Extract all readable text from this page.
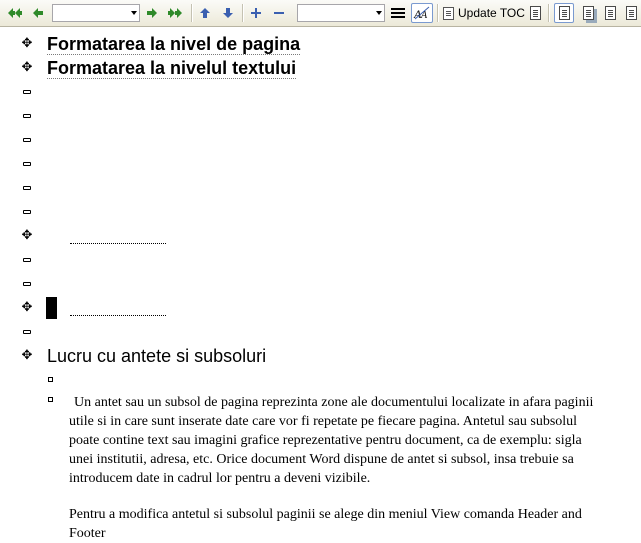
A A	Update TOC
✥ Formatarea la nivel de pagina
✥ Formatarea la nivelul textului
✥
✥
✥ Lucru cu antete si subsoluri
Un antet sau un subsol de pagina reprezinta zone ale documentului localizate in afara paginii utile si in care sunt inserate date care vor fi repetate pe fiecare pagina. Antetul sau subsolul poate contine text sau imagini grafice reprezentative pentru document, ca de exemplu: sigla unei institutii, adresa, etc. Orice document Word dispune de antet si subsol, insa trebuie sa introducem date in cadrul lor pentru a deveni vizibile.
Pentru a modifica antetul si subsolul paginii se alege din meniul View comanda Header and Footer
